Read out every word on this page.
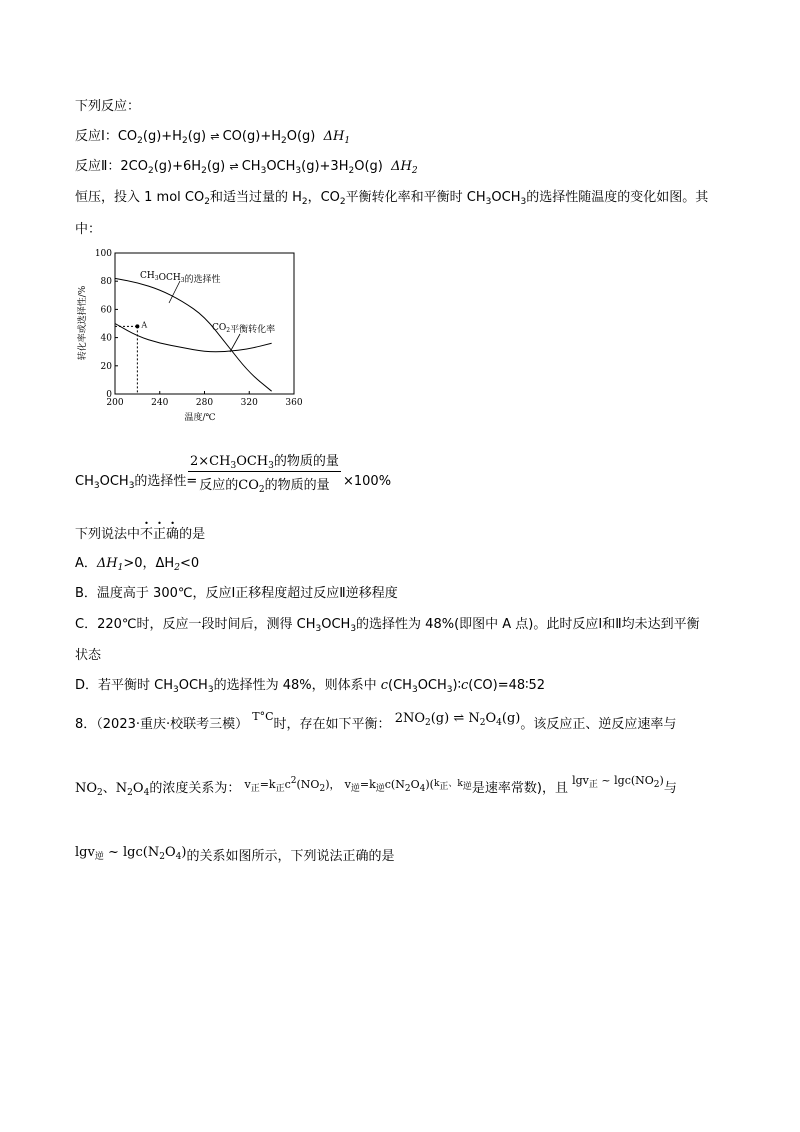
下列反应：
反应Ⅰ：$CO_2(g)+H_2(g)$ ⇌ $CO(g)+H_2O(g)$ $\Delta H_1$
反应Ⅱ：$2CO_2(g)+6H_2(g)$ ⇌ $CH_3OCH_3(g)+3H_2O(g)$ $\Delta H_2$
恒压，投入 1 mol $CO_2$和适当过量的 $H_2$，$CO_2$平衡转化率和平衡时 $CH_3OCH_3$的选择性随温度的变化如图。其
中：
0
20
40
60
80
100
200	240	280	320	360
A
$CH_3OCH_3$的选择性
$CO_2$平衡转化率
温度/℃
转化率或选择性/%
$2\times CH_3OCH_3$的物质的量
反应的$CO_2$的物质的量
$CH_3OCH_3$的选择性=	×100%
下列说法中不正确的是
A．$\Delta H_1>0$，$\Delta H_2<0$
B．温度高于 300℃，反应Ⅰ正移程度超过反应Ⅱ逆移程度
C．220℃时，反应一段时间后，测得 $CH_3OCH_3$的选择性为 48%(即图中 A 点)。此时反应Ⅰ和Ⅱ均未达到平衡
状态
D．若平衡时 $CH_3OCH_3$的选择性为 48%，则体系中 $c(CH_3OCH_3)∶c(CO)=48∶52$
8．（2023·重庆·校联考三模） $^{T^\circ C}$时，存在如下平衡： $2NO_2(g)$ ⇌ $N_2O_4(g)$。该反应正、逆反应速率与
$NO_2$、$N_2O_4$的浓度关系为： $^{v_正=k_正c^2(NO_2),}$ $^{v_逆=k_逆c(N_2O_4)(k_正、k_逆}$是速率常数)，且 $^{lgv_正 \sim lgc(NO_2)}$与
lgv$_逆$ ~ $\lg c(N_2O_4)$的关系如图所示，下列说法正确的是
